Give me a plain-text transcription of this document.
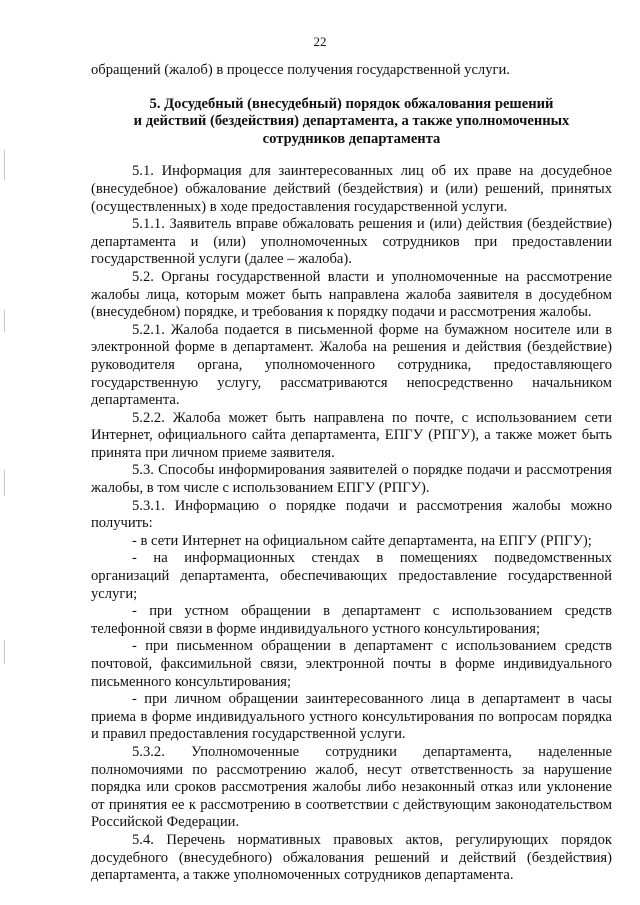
22

обращений (жалоб) в процессе получения государственной услуги.

5. Досудебный (внесудебный) порядок обжалования решений
и действий (бездействия) департамента, а также уполномоченных
сотрудников департамента

5.1. Информация для заинтересованных лиц об их праве на досудебное (внесудебное) обжалование действий (бездействия) и (или) решений, принятых (осуществленных) в ходе предоставления государственной услуги.

5.1.1. Заявитель вправе обжаловать решения и (или) действия (бездействие) департамента и (или) уполномоченных сотрудников при предоставлении государственной услуги (далее – жалоба).

5.2. Органы государственной власти и уполномоченные на рассмотрение жалобы лица, которым может быть направлена жалоба заявителя в досудебном (внесудебном) порядке, и требования к порядку подачи и рассмотрения жалобы.

5.2.1. Жалоба подается в письменной форме на бумажном носителе или в электронной форме в департамент. Жалоба на решения и действия (бездействие) руководителя органа, уполномоченного сотрудника, предоставляющего государственную услугу, рассматриваются непосредственно начальником департамента.

5.2.2. Жалоба может быть направлена по почте, с использованием сети Интернет, официального сайта департамента, ЕПГУ (РПГУ), а также может быть принята при личном приеме заявителя.

5.3. Способы информирования заявителей о порядке подачи и рассмотрения жалобы, в том числе с использованием ЕПГУ (РПГУ).

5.3.1. Информацию о порядке подачи и рассмотрения жалобы можно получить:

- в сети Интернет на официальном сайте департамента, на ЕПГУ (РПГУ);

- на информационных стендах в помещениях подведомственных организаций департамента, обеспечивающих предоставление государственной услуги;

- при устном обращении в департамент с использованием средств телефонной связи в форме индивидуального устного консультирования;

- при письменном обращении в департамент с использованием средств почтовой, факсимильной связи, электронной почты в форме индивидуального письменного консультирования;

- при личном обращении заинтересованного лица в департамент в часы приема в форме индивидуального устного консультирования по вопросам порядка и правил предоставления государственной услуги.

5.3.2. Уполномоченные сотрудники департамента, наделенные полномочиями по рассмотрению жалоб, несут ответственность за нарушение порядка или сроков рассмотрения жалобы либо незаконный отказ или уклонение от принятия ее к рассмотрению в соответствии с действующим законодательством Российской Федерации.

5.4. Перечень нормативных правовых актов, регулирующих порядок досудебного (внесудебного) обжалования решений и действий (бездействия) департамента, а также уполномоченных сотрудников департамента.
